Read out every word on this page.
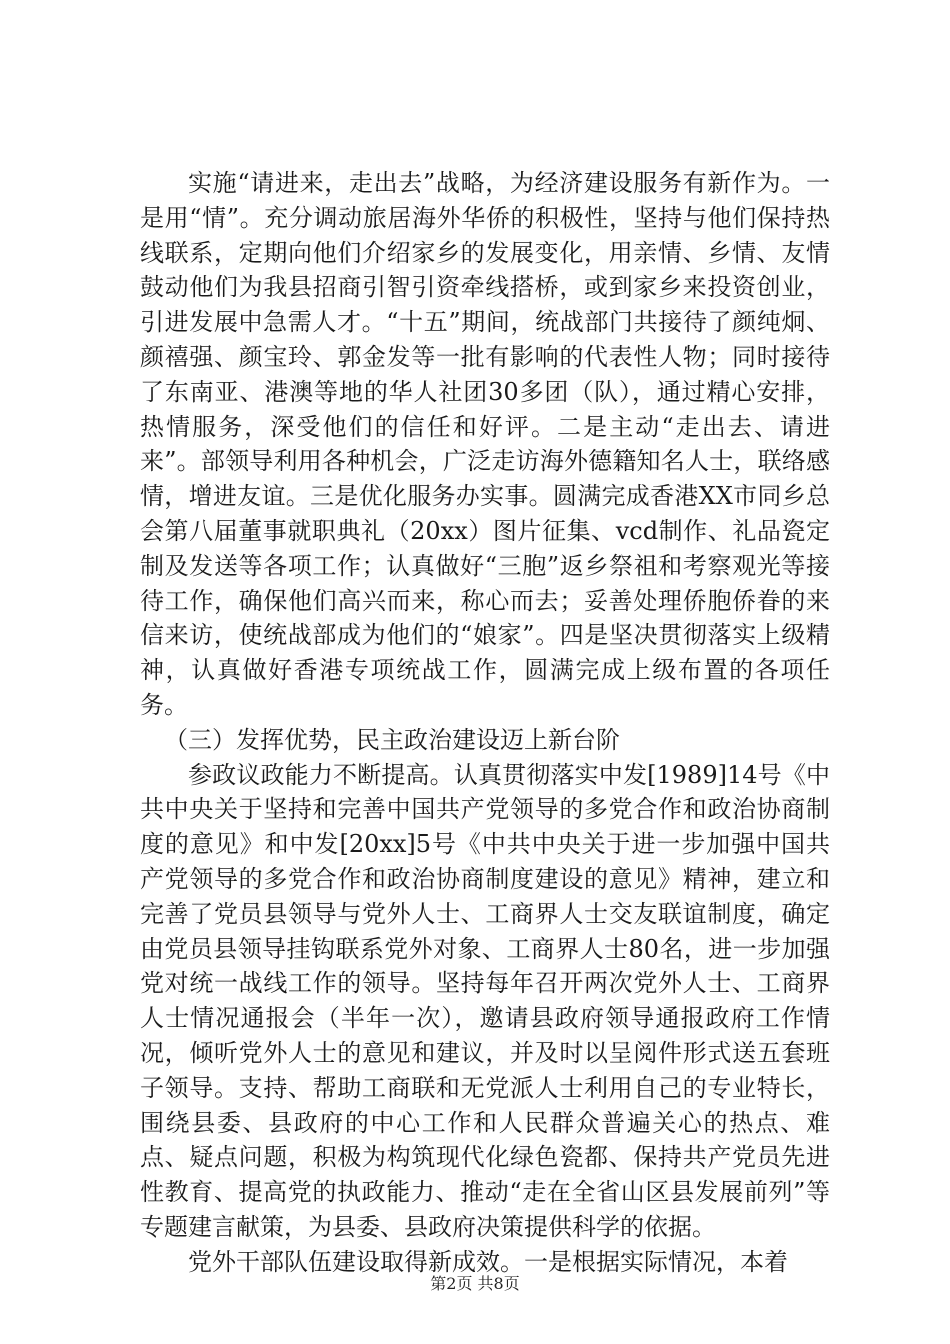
实施“请进来，走出去”战略，为经济建设服务有新作为。一是用“情”。充分调动旅居海外华侨的积极性，坚持与他们保持热线联系，定期向他们介绍家乡的发展变化，用亲情、乡情、友情鼓动他们为我县招商引智引资牵线搭桥，或到家乡来投资创业，引进发展中急需人才。“十五”期间，统战部门共接待了颜纯炯、颜禧强、颜宝玲、郭金发等一批有影响的代表性人物；同时接待了东南亚、港澳等地的华人社团30多团（队），通过精心安排，热情服务，深受他们的信任和好评。二是主动“走出去、请进来”。部领导利用各种机会，广泛走访海外德籍知名人士，联络感情，增进友谊。三是优化服务办实事。圆满完成香港XX市同乡总会第八届董事就职典礼（20xx）图片征集、vcd制作、礼品瓷定制及发送等各项工作；认真做好“三胞”返乡祭祖和考察观光等接待工作，确保他们高兴而来，称心而去；妥善处理侨胞侨眷的来信来访，使统战部成为他们的“娘家”。四是坚决贯彻落实上级精神，认真做好香港专项统战工作，圆满完成上级布置的各项任务。

（三）发挥优势，民主政治建设迈上新台阶

参政议政能力不断提高。认真贯彻落实中发[1989]14号《中共中央关于坚持和完善中国共产党领导的多党合作和政治协商制度的意见》和中发[20xx]5号《中共中央关于进一步加强中国共产党领导的多党合作和政治协商制度建设的意见》精神，建立和完善了党员县领导与党外人士、工商界人士交友联谊制度，确定由党员县领导挂钩联系党外对象、工商界人士80名，进一步加强党对统一战线工作的领导。坚持每年召开两次党外人士、工商界人士情况通报会（半年一次），邀请县政府领导通报政府工作情况，倾听党外人士的意见和建议，并及时以呈阅件形式送五套班子领导。支持、帮助工商联和无党派人士利用自己的专业特长，围绕县委、县政府的中心工作和人民群众普遍关心的热点、难点、疑点问题，积极为构筑现代化绿色瓷都、保持共产党员先进性教育、提高党的执政能力、推动“走在全省山区县发展前列”等专题建言献策，为县委、县政府决策提供科学的依据。

党外干部队伍建设取得新成效。一是根据实际情况，本着

第2页 共8页
